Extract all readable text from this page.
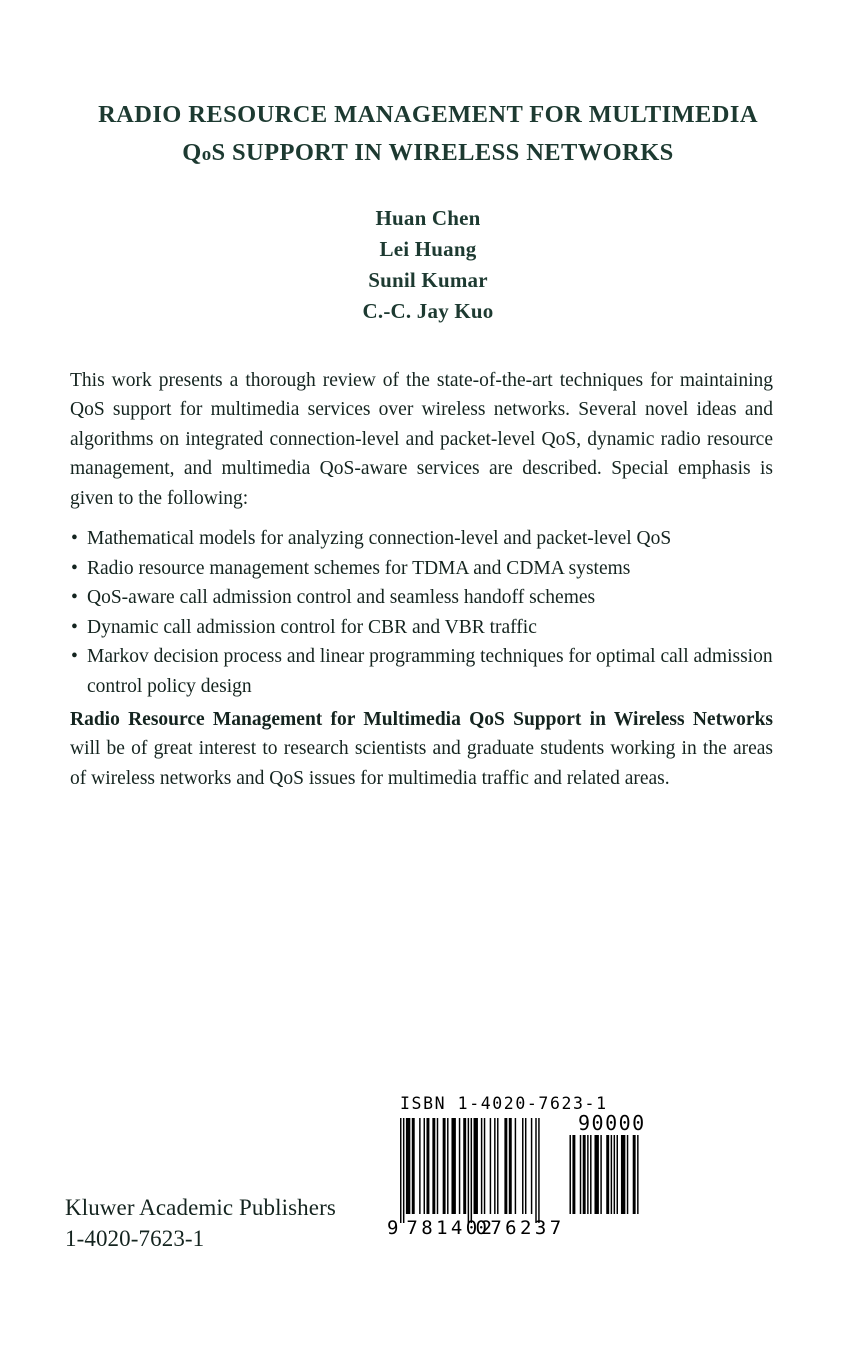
RADIO RESOURCE MANAGEMENT FOR MULTIMEDIA
QoS SUPPORT IN WIRELESS NETWORKS
Huan Chen
Lei Huang
Sunil Kumar
C.-C. Jay Kuo

This work presents a thorough review of the state-of-the-art techniques for maintaining QoS support for multimedia services over wireless networks. Several novel ideas and algorithms on integrated connection-level and packet-level QoS, dynamic radio resource management, and multimedia QoS-aware services are described. Special emphasis is given to the following:

• Mathematical models for analyzing connection-level and packet-level QoS
• Radio resource management schemes for TDMA and CDMA systems
• QoS-aware call admission control and seamless handoff schemes
• Dynamic call admission control for CBR and VBR traffic
• Markov decision process and linear programming techniques for optimal call admission control policy design

Radio Resource Management for Multimedia QoS Support in Wireless Networks will be of great interest to research scientists and graduate students working in the areas of wireless networks and QoS issues for multimedia traffic and related areas.

Kluwer Academic Publishers
1-4020-7623-1
ISBN 1-4020-7623-1
90000
9 781402
076237
